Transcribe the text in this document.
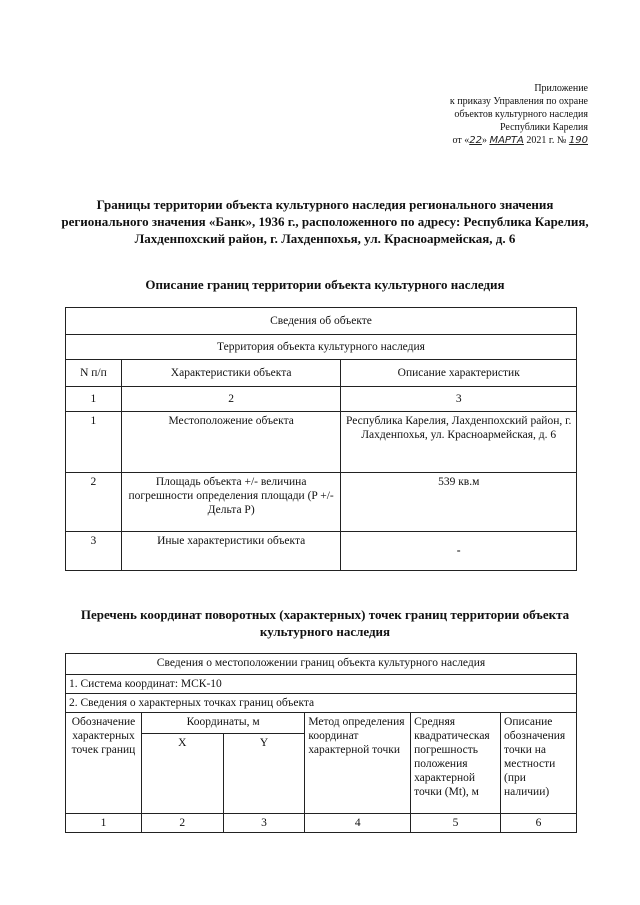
Приложение
к приказу Управления по охране
объектов культурного наследия
Республики Карелия
от «22» МАРТА 2021 г. № 190
Границы территории объекта культурного наследия регионального значения регионального значения «Банк», 1936 г., расположенного по адресу: Республика Карелия, Лахденпохский район, г. Лахденпохья, ул. Красноармейская, д. 6
Описание границ территории объекта культурного наследия
Сведения об объекте		
Территория объекта культурного наследия		
N п/п	Характеристики объекта	Описание характеристик
1	2	3
1	Местоположение объекта	Республика Карелия, Лахденпохский район, г. Лахденпохья, ул. Красноармейская, д. 6
2	Площадь объекта +/- величина погрешности определения площади (P +/- Дельта P)	539 кв.м
3	Иные характеристики объекта	-
Перечень координат поворотных (характерных) точек границ территории объекта культурного наследия
Сведения о местоположении границ объекта культурного наследия					
1. Система координат: МСК-10					
2. Сведения о характерных точках границ объекта					
Обозначение характерных точек границ	Координаты, м		Метод определения координат характерной точки	Средняя квадратическая погрешность положения характерной точки (Mt), м	Описание обозначения точки на местности (при наличии)
	X	Y			
1	2	3	4	5	6
